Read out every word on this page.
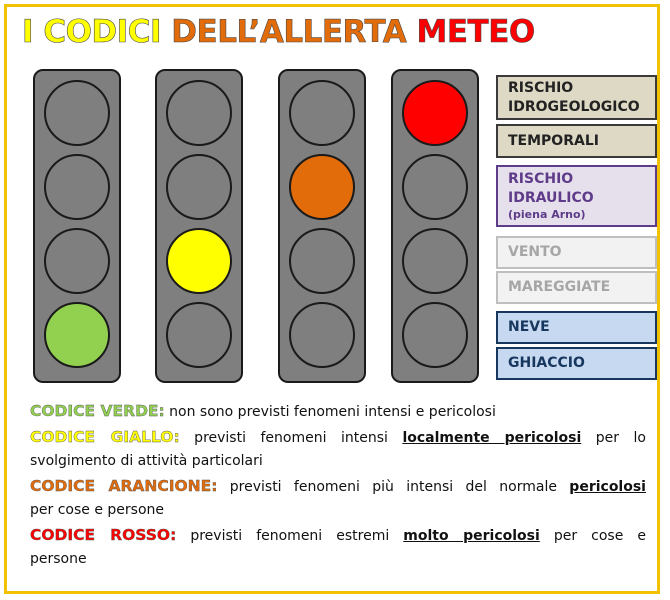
I CODICI DELL’ALLERTA METEO
RISCHIO IDROGEOLOGICO
TEMPORALI
RISCHIO IDRAULICO
(piena Arno)
VENTO
MAREGGIATE
NEVE
GHIACCIO

CODICE VERDE: non sono previsti fenomeni intensi e pericolosi

CODICE GIALLO: previsti fenomeni intensi localmente pericolosi per lo

svolgimento di attività particolari

CODICE ARANCIONE: previsti fenomeni più intensi del normale pericolosi

per cose e persone

CODICE ROSSO: previsti fenomeni estremi molto pericolosi per cose e

persone
